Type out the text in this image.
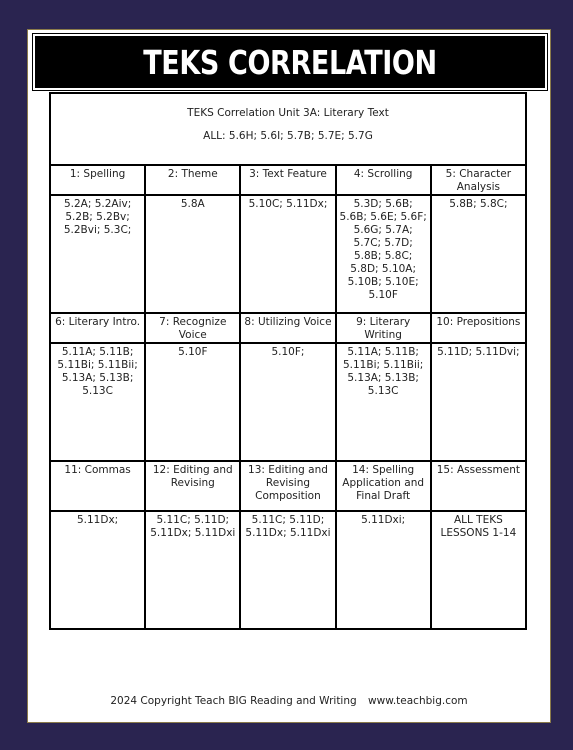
TEKS CORRELATION
TEKS Correlation Unit 3A: Literary Text
ALL: 5.6H; 5.6I; 5.7B; 5.7E; 5.7G				

1: Spelling	2: Theme	3: Text Feature	4: Scrolling	5: Character Analysis
5.2A; 5.2Aiv; 5.2B; 5.2Bv; 5.2Bvi; 5.3C;	5.8A	5.10C; 5.11Dx;	5.3D; 5.6B; 5.6B; 5.6E; 5.6F; 5.6G; 5.7A; 5.7C; 5.7D; 5.8B; 5.8C; 5.8D; 5.10A; 5.10B; 5.10E; 5.10F	5.8B; 5.8C;
6: Literary Intro.	7: Recognize Voice	8: Utilizing Voice	9: Literary Writing	10: Prepositions
5.11A; 5.11B; 5.11Bi; 5.11Bii; 5.13A; 5.13B; 5.13C	5.10F	5.10F;	5.11A; 5.11B; 5.11Bi; 5.11Bii; 5.13A; 5.13B; 5.13C	5.11D; 5.11Dvi;
11: Commas	12: Editing and Revising	13: Editing and Revising Composition	14: Spelling Application and Final Draft	15: Assessment
5.11Dx;	5.11C; 5.11D; 5.11Dx; 5.11Dxi	5.11C; 5.11D; 5.11Dx; 5.11Dxi	5.11Dxi;	ALL TEKS LESSONS 1-14
2024 Copyright Teach BIG Reading and Writing www.teachbig.com
